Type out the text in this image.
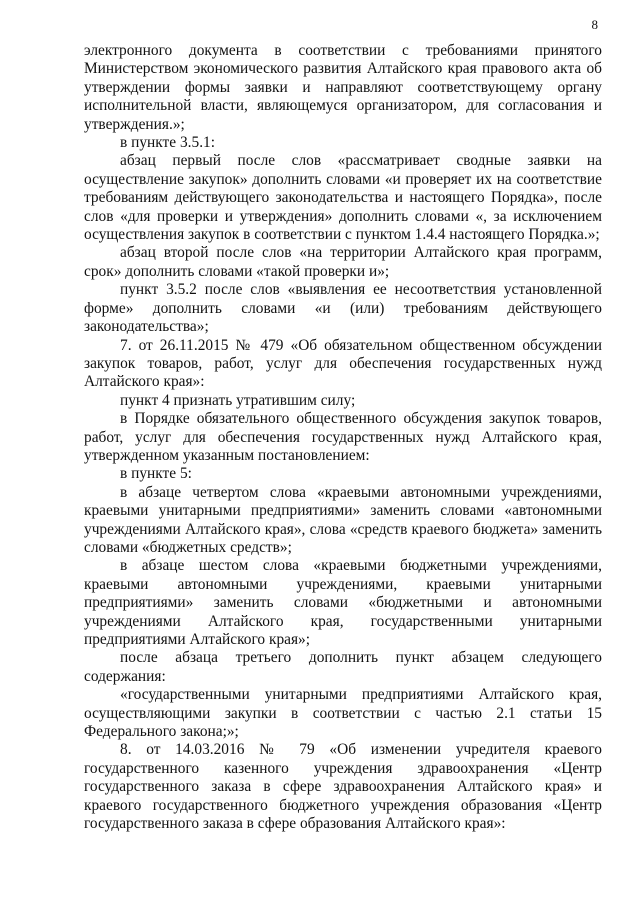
8

электронного документа в соответствии с требованиями принятого Министерством экономического развития Алтайского края правового акта об утверждении формы заявки и направляют соответствующему органу исполнительной власти, являющемуся организатором, для согласования и утверждения.»;

в пункте 3.5.1:

абзац первый после слов «рассматривает сводные заявки на осуществление закупок» дополнить словами «и проверяет их на соответствие требованиям действующего законодательства и настоящего Порядка», после слов «для проверки и утверждения» дополнить словами «, за исключением осуществления закупок в соответствии с пунктом 1.4.4 настоящего Порядка.»;

абзац второй после слов «на территории Алтайского края программ, срок» дополнить словами «такой проверки и»;

пункт 3.5.2 после слов «выявления ее несоответствия установленной форме» дополнить словами «и (или) требованиям действующего законодательства»;

7. от 26.11.2015 № 479 «Об обязательном общественном обсуждении закупок товаров, работ, услуг для обеспечения государственных нужд Алтайского края»:

пункт 4 признать утратившим силу;

в Порядке обязательного общественного обсуждения закупок товаров, работ, услуг для обеспечения государственных нужд Алтайского края, утвержденном указанным постановлением:

в пункте 5:

в абзаце четвертом слова «краевыми автономными учреждениями, краевыми унитарными предприятиями» заменить словами «автономными учреждениями Алтайского края», слова «средств краевого бюджета» заменить словами «бюджетных средств»;

в абзаце шестом слова «краевыми бюджетными учреждениями, краевыми автономными учреждениями, краевыми унитарными предприятиями» заменить словами «бюджетными и автономными учреждениями Алтайского края, государственными унитарными предприятиями Алтайского края»;

после абзаца третьего дополнить пункт абзацем следующего содержания:

«государственными унитарными предприятиями Алтайского края, осуществляющими закупки в соответствии с частью 2.1 статьи 15 Федерального закона;»;

8. от 14.03.2016 № 79 «Об изменении учредителя краевого государственного казенного учреждения здравоохранения «Центр государственного заказа в сфере здравоохранения Алтайского края» и краевого государственного бюджетного учреждения образования «Центр государственного заказа в сфере образования Алтайского края»:
